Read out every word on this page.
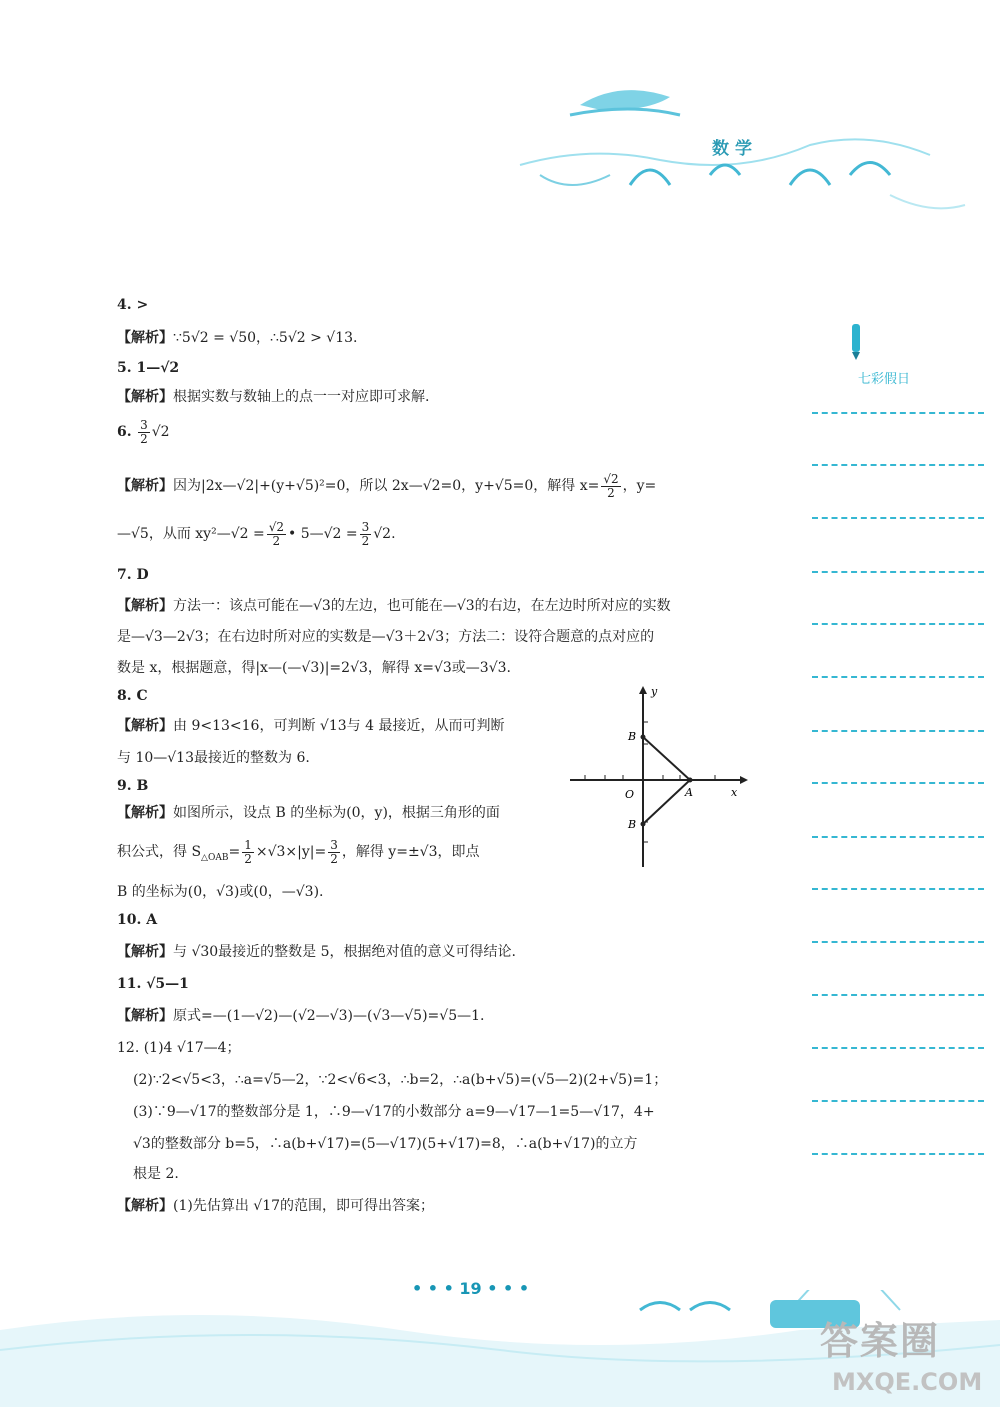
数学
七彩假日
4. >
【解析】∵5√2 = √50，∴5√2 > √13.
5. 1—√2
【解析】根据实数与数轴上的点一一对应即可求解.
6. $\frac{3}{2} √2$
【解析】因为|2x—√2|+(y+√5)²=0，所以 2x—√2=0，y+√5=0，解得 $x= \frac{√2}{2}$ ，y=
—√5，从而 xy²—√2 = $\frac{√2}{2}$ • 5—√2 = $\frac{3}{2} √2$.
7. D
【解析】方法一：该点可能在—√3的左边，也可能在—√3的右边，在左边时所对应的实数
是—√3—2√3；在右边时所对应的实数是—√3＋2√3；方法二：设符合题意的点对应的
数是 x，根据题意，得|x—(—√3)|=2√3，解得 x=√3或—3√3.
8. C
【解析】由 9<13<16，可判断 √13与 4 最接近，从而可判断
与 10—√13最接近的整数为 6.
9. B
【解析】如图所示，设点 B 的坐标为(0，y)，根据三角形的面
积公式，得 $S_{\triangle OAB}= \frac{1}{2} \times√3\times|y|= \frac{3}{2}$ ，解得 y=±√3，即点
B 的坐标为(0，√3)或(0，—√3).
y
x
O	A
B
B
10. A
【解析】与 √30最接近的整数是 5，根据绝对值的意义可得结论.
11. √5—1
【解析】原式=—(1—√2)—(√2—√3)—(√3—√5)=√5—1.
12. (1)4 √17—4；
(2)∵2<√5<3，∴a=√5—2，∵2<√6<3，∴b=2，∴a(b+√5)=(√5—2)(2+√5)=1；
(3)∵9—√17的整数部分是 1，∴9—√17的小数部分 a=9—√17—1=5—√17，4+
√3的整数部分 b=5，∴a(b+√17)=(5—√17)(5+√17)=8，∴a(b+√17)的立方
根是 2.
【解析】(1)先估算出 √17的范围，即可得出答案；
• • • 19 • • •
答案圈
MXQE.COM
